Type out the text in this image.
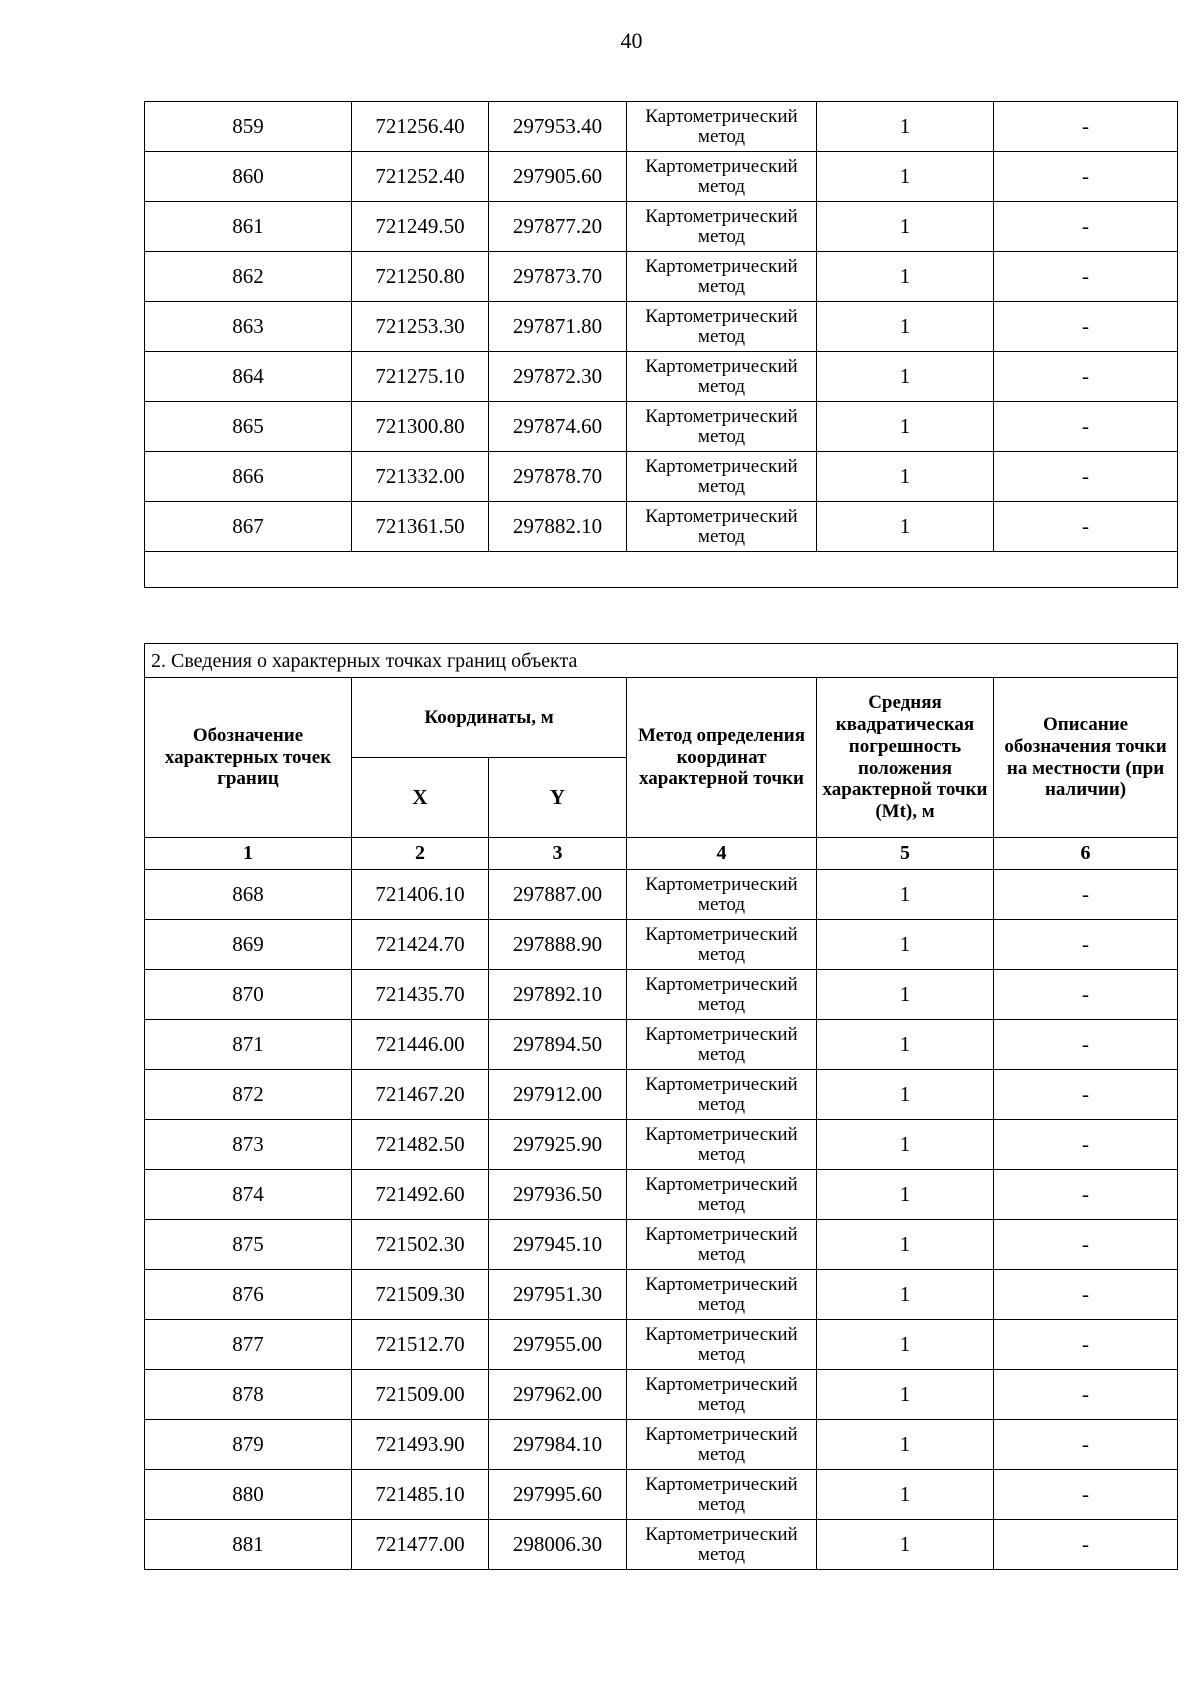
40
859	721256.40	297953.40	Картометрический метод	1	-
860	721252.40	297905.60	Картометрический метод	1	-
861	721249.50	297877.20	Картометрический метод	1	-
862	721250.80	297873.70	Картометрический метод	1	-
863	721253.30	297871.80	Картометрический метод	1	-
864	721275.10	297872.30	Картометрический метод	1	-
865	721300.80	297874.60	Картометрический метод	1	-
866	721332.00	297878.70	Картометрический метод	1	-
867	721361.50	297882.10	Картометрический метод	1	-

2. Сведения о характерных точках границ объекта					
Обозначение характерных точек границ	Координаты, м		Метод определения координат характерной точки	Средняя квадратическая погрешность положения характерной точки (Mt), м	Описание обозначения точки на местности (при наличии)
	X	Y			
1	2	3	4	5	6
868	721406.10	297887.00	Картометрический метод	1	-
869	721424.70	297888.90	Картометрический метод	1	-
870	721435.70	297892.10	Картометрический метод	1	-
871	721446.00	297894.50	Картометрический метод	1	-
872	721467.20	297912.00	Картометрический метод	1	-
873	721482.50	297925.90	Картометрический метод	1	-
874	721492.60	297936.50	Картометрический метод	1	-
875	721502.30	297945.10	Картометрический метод	1	-
876	721509.30	297951.30	Картометрический метод	1	-
877	721512.70	297955.00	Картометрический метод	1	-
878	721509.00	297962.00	Картометрический метод	1	-
879	721493.90	297984.10	Картометрический метод	1	-
880	721485.10	297995.60	Картометрический метод	1	-
881	721477.00	298006.30	Картометрический метод	1	-
